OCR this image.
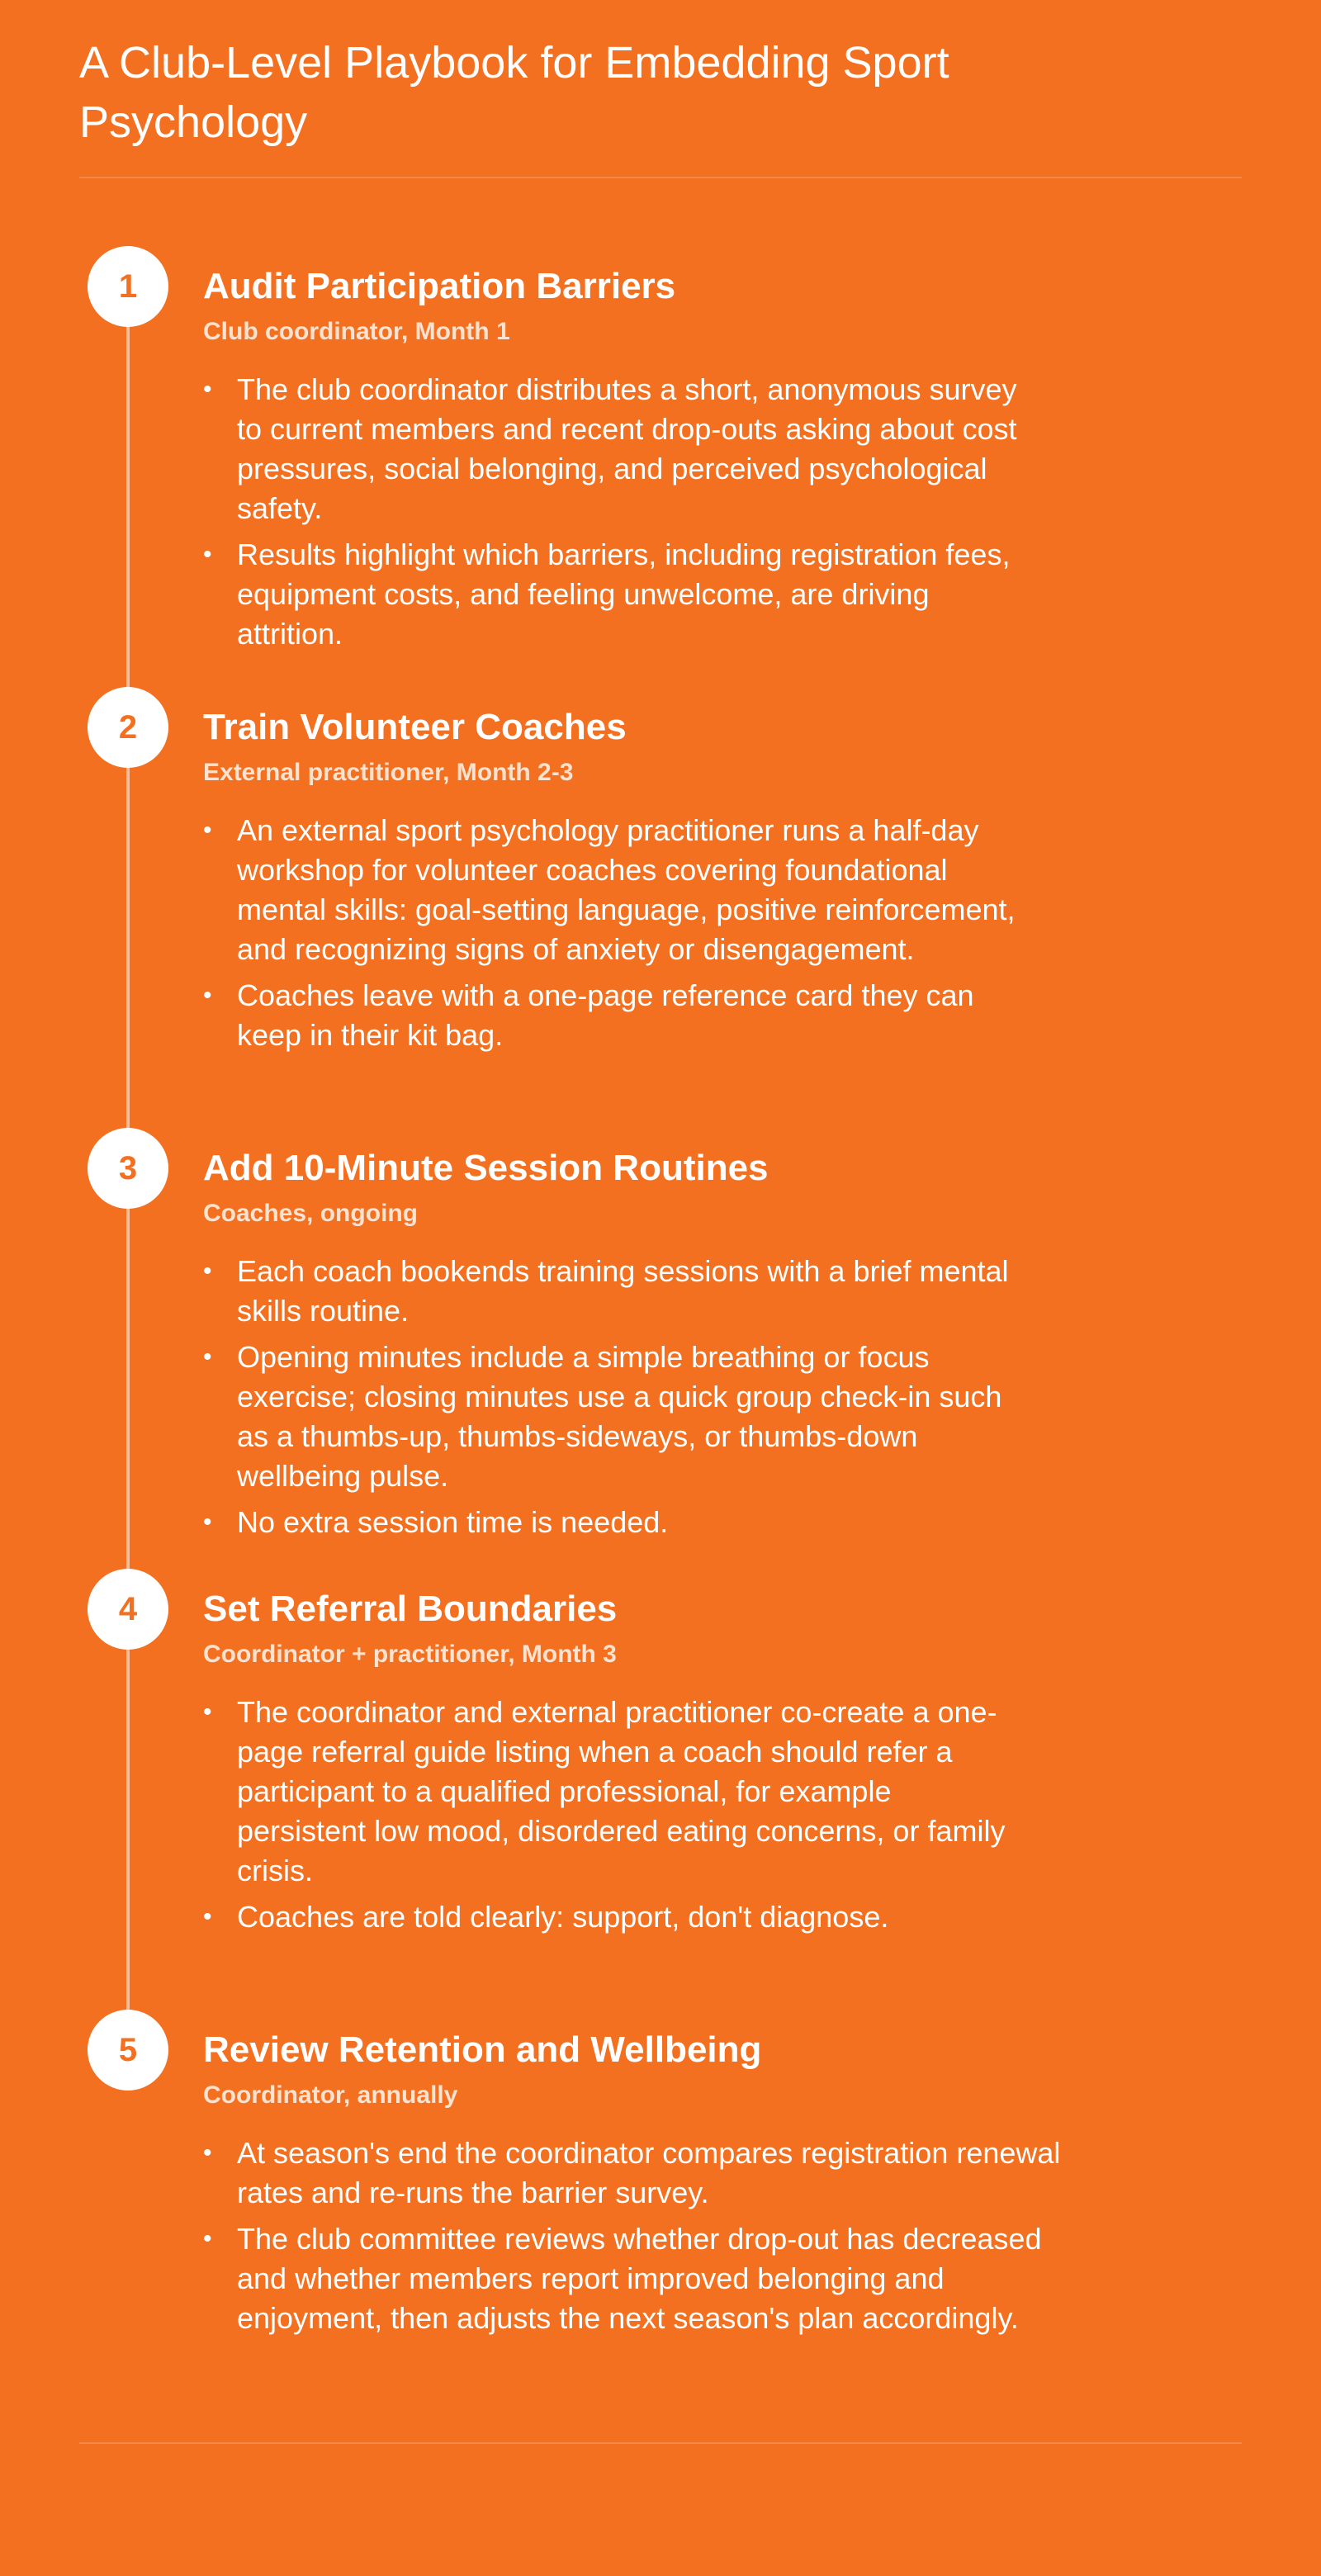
A Club-Level Playbook for Embedding Sport Psychology
1	Audit Participation Barriers
Club coordinator, Month 1
• The club coordinator distributes a short, anonymous survey to current members and recent drop-outs asking about cost pressures, social belonging, and perceived psychological safety.
• Results highlight which barriers, including registration fees, equipment costs, and feeling unwelcome, are driving attrition.
2	Train Volunteer Coaches
External practitioner, Month 2-3
• An external sport psychology practitioner runs a half-day workshop for volunteer coaches covering foundational mental skills: goal-setting language, positive reinforcement, and recognizing signs of anxiety or disengagement.
• Coaches leave with a one-page reference card they can keep in their kit bag.
3	Add 10-Minute Session Routines
Coaches, ongoing
• Each coach bookends training sessions with a brief mental skills routine.
• Opening minutes include a simple breathing or focus exercise; closing minutes use a quick group check-in such as a thumbs-up, thumbs-sideways, or thumbs-down wellbeing pulse.
• No extra session time is needed.
4	Set Referral Boundaries
Coordinator + practitioner, Month 3
• The coordinator and external practitioner co-create a one-page referral guide listing when a coach should refer a participant to a qualified professional, for example persistent low mood, disordered eating concerns, or family crisis.
• Coaches are told clearly: support, don't diagnose.
5	Review Retention and Wellbeing
Coordinator, annually
• At season's end the coordinator compares registration renewal rates and re-runs the barrier survey.
• The club committee reviews whether drop-out has decreased and whether members report improved belonging and enjoyment, then adjusts the next season's plan accordingly.
